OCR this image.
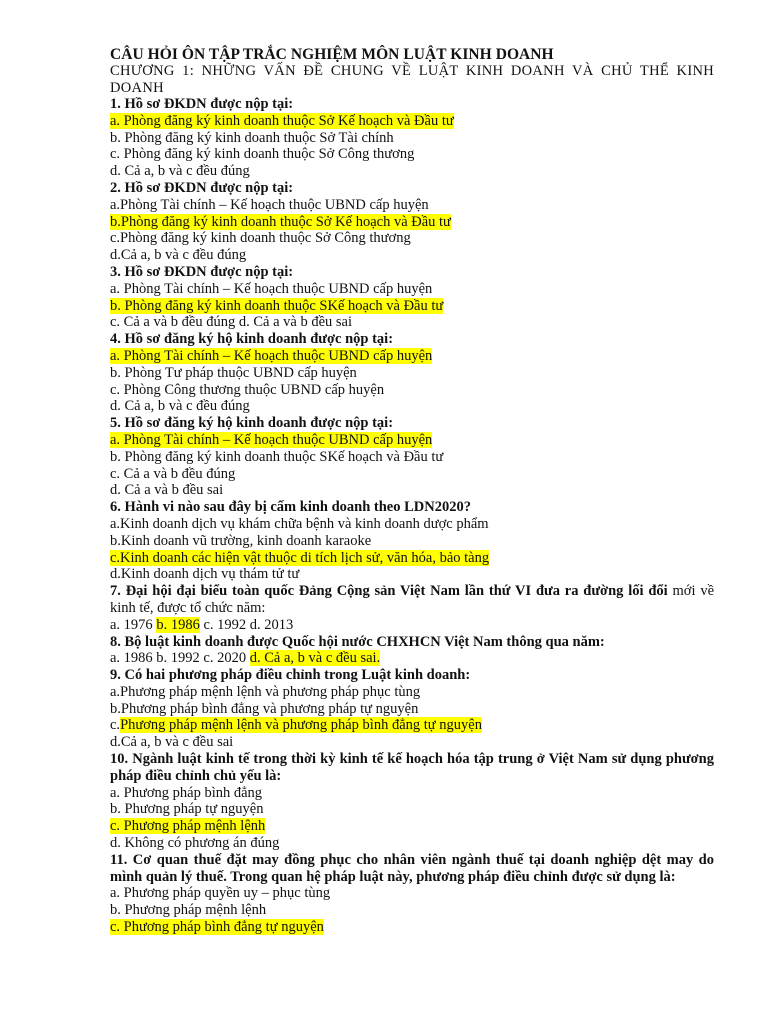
CÂU HỎI ÔN TẬP TRẮC NGHIỆM MÔN LUẬT KINH DOANH

CHƯƠNG 1: NHỮNG VẤN ĐỀ CHUNG VỀ LUẬT KINH DOANH VÀ CHỦ THỂ KINH DOANH

1. Hồ sơ ĐKDN được nộp tại:

a. Phòng đăng ký kinh doanh thuộc Sở Kế hoạch và Đầu tư

b. Phòng đăng ký kinh doanh thuộc Sở Tài chính

c. Phòng đăng ký kinh doanh thuộc Sở Công thương

d. Cả a, b và c đều đúng

2. Hồ sơ ĐKDN được nộp tại:

a.Phòng Tài chính – Kế hoạch thuộc UBND cấp huyện

b.Phòng đăng ký kinh doanh thuộc Sở Kế hoạch và Đầu tư

c.Phòng đăng ký kinh doanh thuộc Sở Công thương

d.Cả a, b và c đều đúng

3. Hồ sơ ĐKDN được nộp tại:

a. Phòng Tài chính – Kế hoạch thuộc UBND cấp huyện

b. Phòng đăng ký kinh doanh thuộc SKế hoạch và Đầu tư

c. Cả a và b đều đúng d. Cả a và b đều sai

4. Hồ sơ đăng ký hộ kinh doanh được nộp tại:

a. Phòng Tài chính – Kế hoạch thuộc UBND cấp huyện

b. Phòng Tư pháp thuộc UBND cấp huyện

c. Phòng Công thương thuộc UBND cấp huyện

d. Cả a, b và c đều đúng

5. Hồ sơ đăng ký hộ kinh doanh được nộp tại:

a. Phòng Tài chính – Kế hoạch thuộc UBND cấp huyện

b. Phòng đăng ký kinh doanh thuộc SKế hoạch và Đầu tư

c. Cả a và b đều đúng

d. Cả a và b đều sai

6. Hành vi nào sau đây bị cấm kinh doanh theo LDN2020?

a.Kinh doanh dịch vụ khám chữa bệnh và kinh doanh dược phẩm

b.Kinh doanh vũ trường, kinh doanh karaoke

c.Kinh doanh các hiện vật thuộc di tích lịch sử, văn hóa, bảo tàng

d.Kinh doanh dịch vụ thám tử tư

7. Đại hội đại biểu toàn quốc Đảng Cộng sản Việt Nam lần thứ VI đưa ra đường lối đổi mới về kinh tế, được tổ chức năm:

a. 1976 b. 1986 c. 1992 d. 2013

8. Bộ luật kinh doanh được Quốc hội nước CHXHCN Việt Nam thông qua năm:

a. 1986 b. 1992 c. 2020 d. Cả a, b và c đều sai.

9. Có hai phương pháp điều chỉnh trong Luật kinh doanh:

a.Phương pháp mệnh lệnh và phương pháp phục tùng

b.Phương pháp bình đẳng và phương pháp tự nguyện

c.Phương pháp mệnh lệnh và phương pháp bình đẳng tự nguyện

d.Cả a, b và c đều sai

10. Ngành luật kinh tế trong thời kỳ kinh tế kế hoạch hóa tập trung ở Việt Nam sử dụng phương pháp điều chỉnh chủ yếu là:

a. Phương pháp bình đẳng

b. Phương pháp tự nguyện

c. Phương pháp mệnh lệnh

d. Không có phương án đúng

11. Cơ quan thuế đặt may đồng phục cho nhân viên ngành thuế tại doanh nghiệp dệt may do mình quản lý thuế. Trong quan hệ pháp luật này, phương pháp điều chỉnh được sử dụng là:

a. Phương pháp quyền uy – phục tùng

b. Phương pháp mệnh lệnh

c. Phương pháp bình đẳng tự nguyện
